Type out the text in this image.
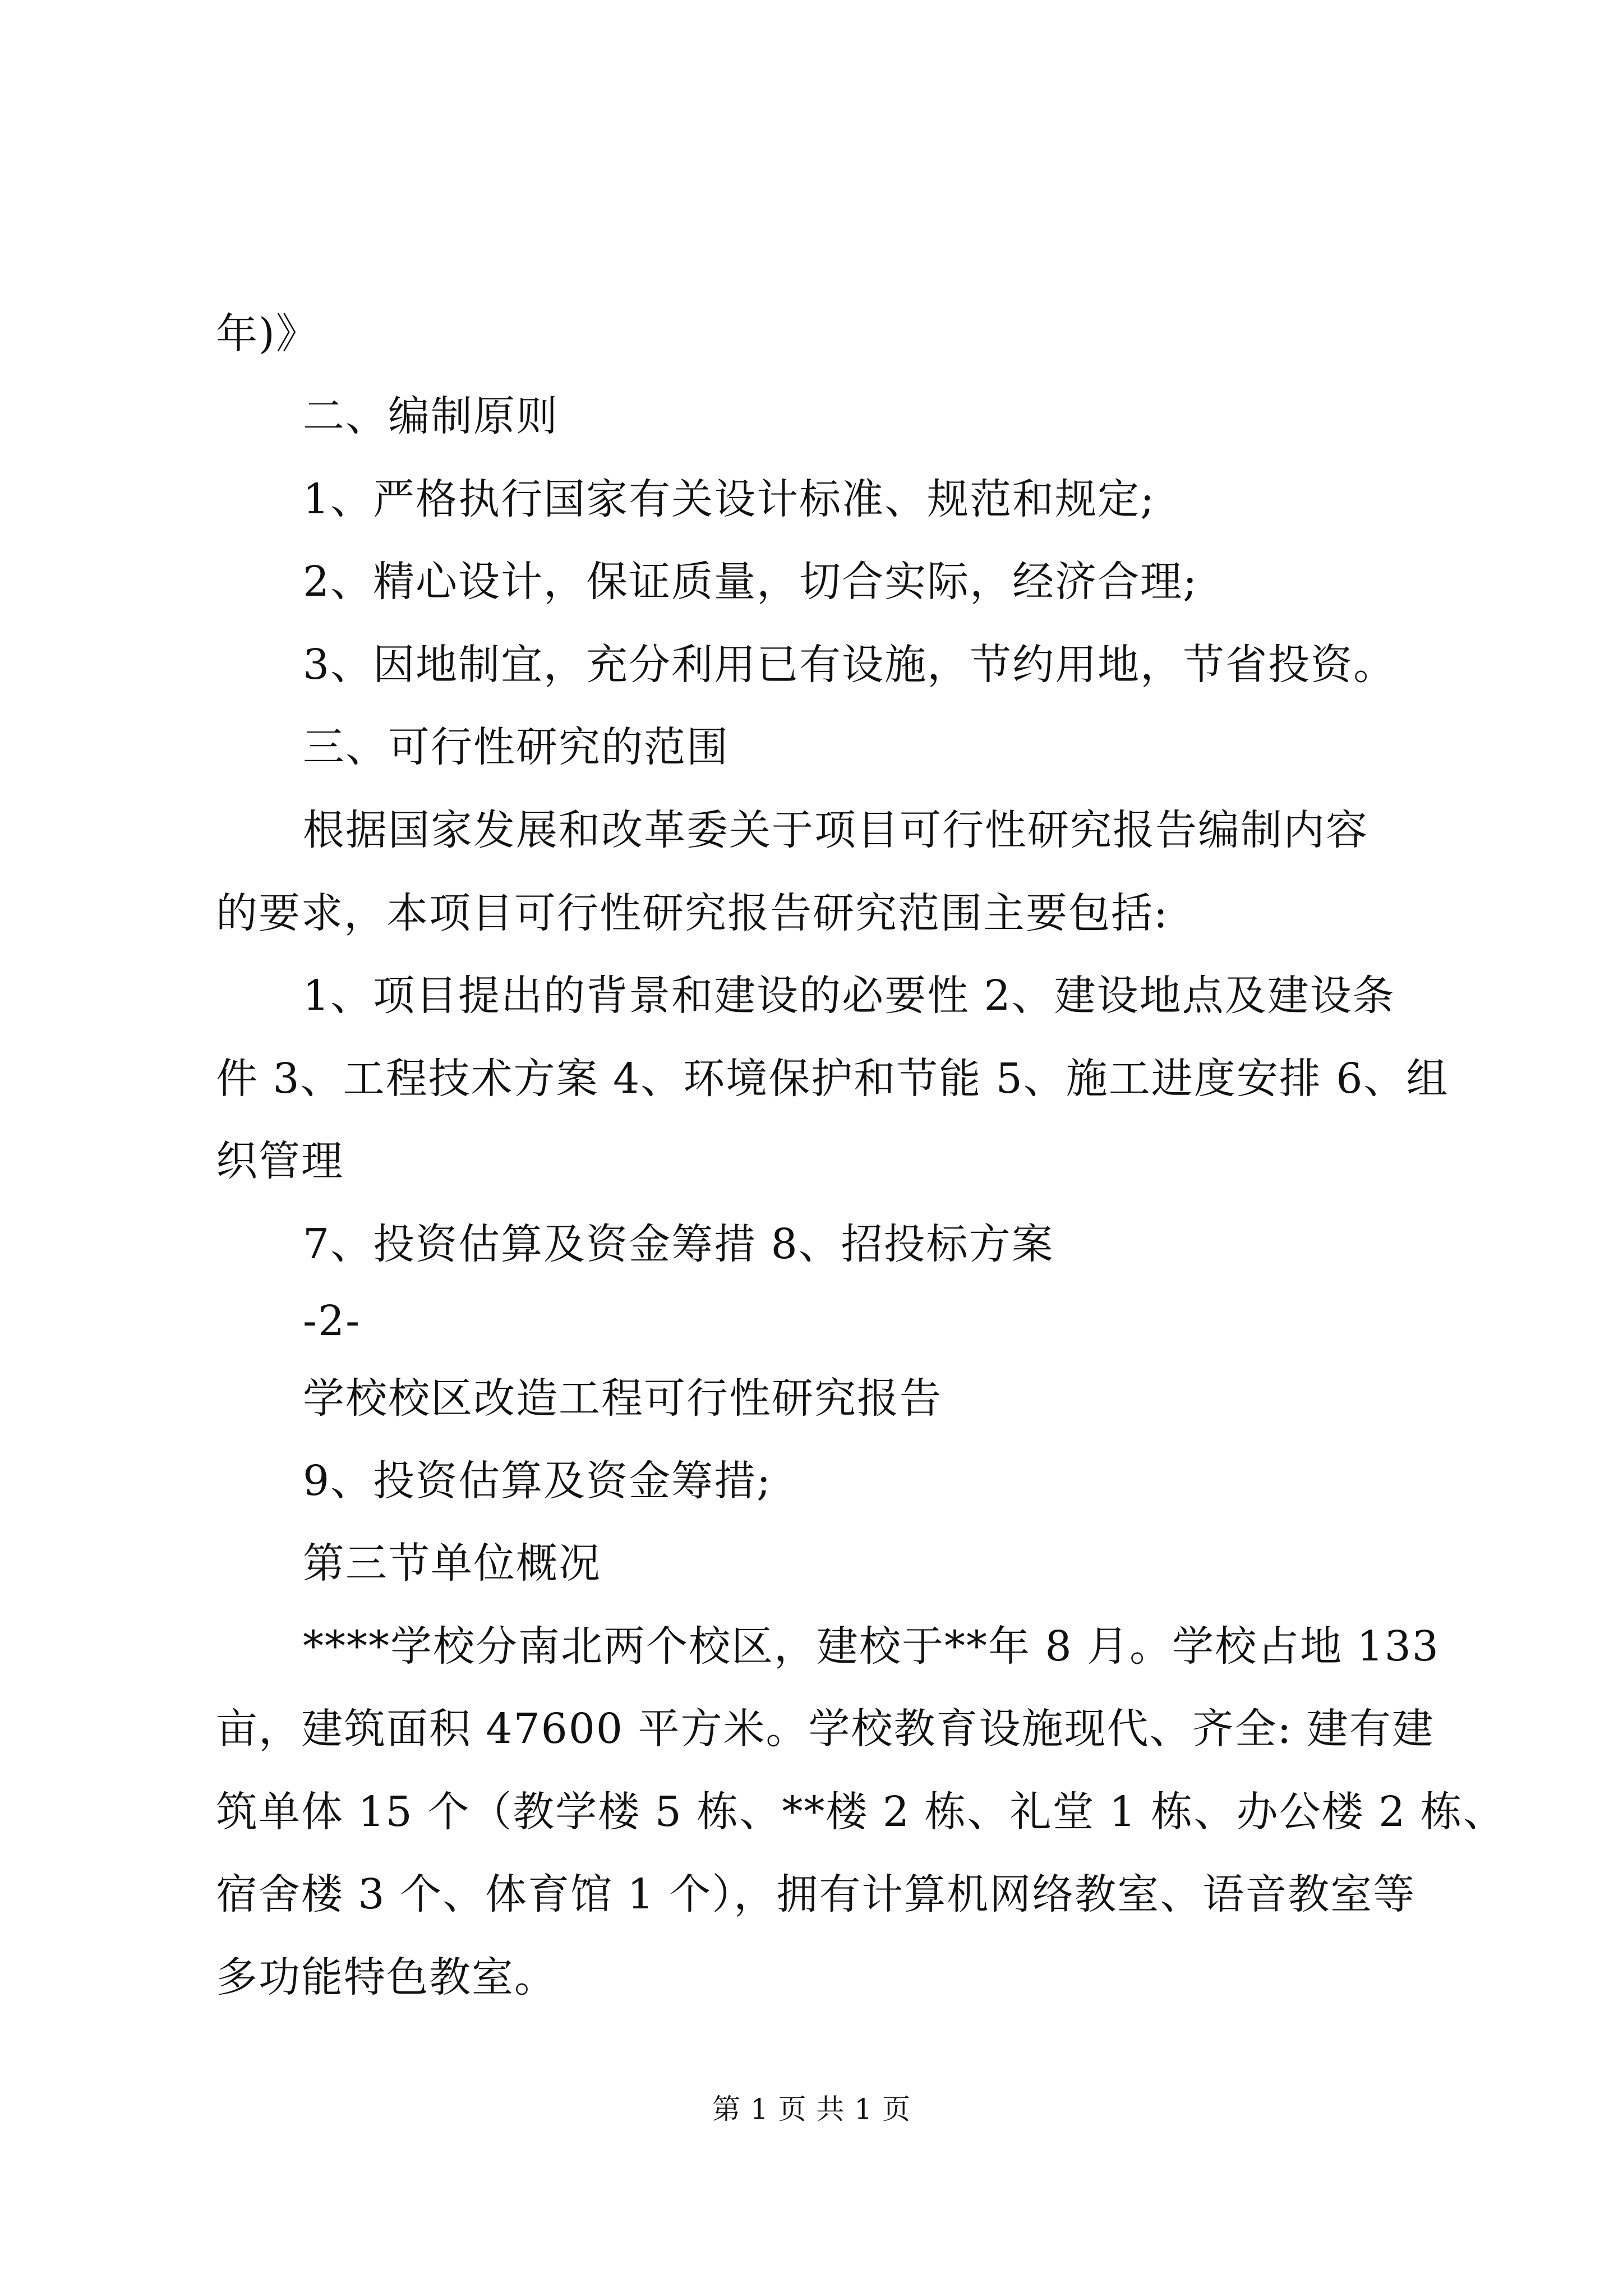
年)》
二、编制原则
1、严格执行国家有关设计标准、规范和规定;
2、精心设计，保证质量，切合实际，经济合理;
3、因地制宜，充分利用已有设施，节约用地，节省投资。
三、可行性研究的范围
根据国家发展和改革委关于项目可行性研究报告编制内容
的要求，本项目可行性研究报告研究范围主要包括:
1、项目提出的背景和建设的必要性 2、建设地点及建设条
件 3、工程技术方案 4、环境保护和节能 5、施工进度安排 6、组
织管理
7、投资估算及资金筹措 8、招投标方案
-2-
学校校区改造工程可行性研究报告
9、投资估算及资金筹措;
第三节单位概况
****学校分南北两个校区，建校于**年 8 月。学校占地 133
亩，建筑面积 47600 平方米。学校教育设施现代、齐全: 建有建
筑单体 15 个（教学楼 5 栋、**楼 2 栋、礼堂 1 栋、办公楼 2 栋、
宿舍楼 3 个、体育馆 1 个），拥有计算机网络教室、语音教室等
多功能特色教室。
第 1 页 共 1 页
